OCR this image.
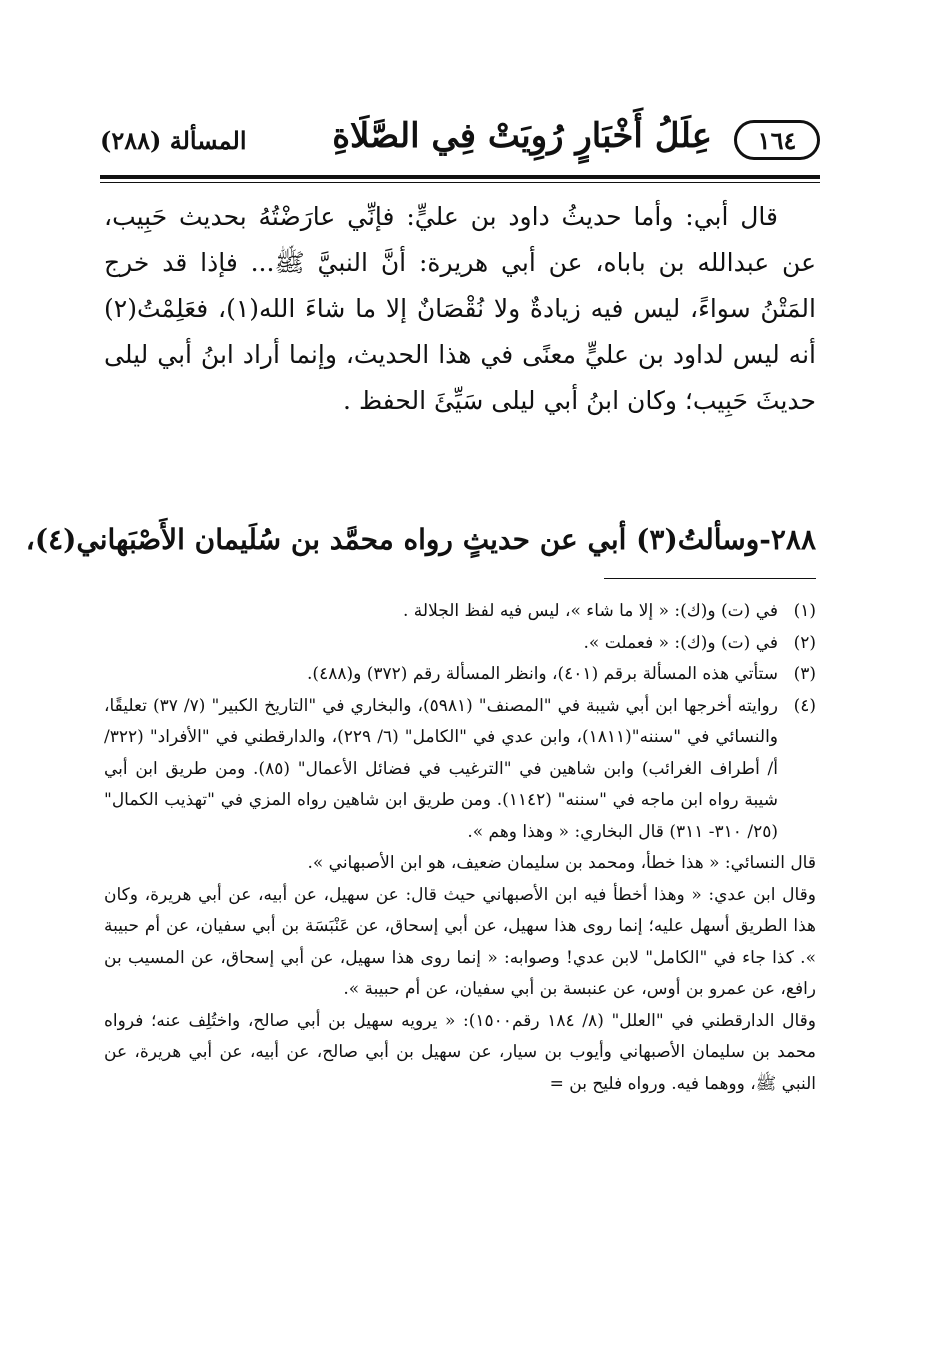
١٦٤
عِلَلُ أَخْبَارٍ رُوِيَتْ فِي الصَّلَاةِ
المسألة (٢٨٨)

قال أبي: وأما حديثُ داود بن عليٍّ: فإنِّي عارَضْتُهُ بحديث حَبِيب، عن عبدالله بن باباه، عن أبي هريرة: أنَّ النبيَّ ﷺ... فإذا قد خرج المَتْنُ سواءً، ليس فيه زيادةٌ ولا نُقْصَانٌ إلا ما شاءَ الله(١)، فعَلِمْتُ(٢) أنه ليس لداود بن عليٍّ معنًى في هذا الحديث، وإنما أراد ابنُ أبي ليلى حديثَ حَبِيب؛ وكان ابنُ أبي ليلى سَيِّئَ الحفظ .

٢٨٨-وسألتُ(٣) أبي عن حديثٍ رواه محمَّد بن سُلَيمان الأَصْبَهاني(٤)،
(١)
في (ت) و(ك): « إلا ما شاء »، ليس فيه لفظ الجلالة .
(٢)
في (ت) و(ك): « فعملت ».
(٣)
ستأتي هذه المسألة برقم (٤٠١)، وانظر المسألة رقم (٣٧٢) و(٤٨٨).
(٤)
روايته أخرجها ابن أبي شيبة في "المصنف" (٥٩٨١)، والبخاري في "التاريخ الكبير" (٧/ ٣٧) تعليقًا، والنسائي في "سننه"(١٨١١)، وابن عدي في "الكامل" (٦/ ٢٢٩)، والدارقطني في "الأفراد" (٣٢٢/أ/ أطراف الغرائب) وابن شاهين في "الترغيب في فضائل الأعمال" (٨٥). ومن طريق ابن أبي شيبة رواه ابن ماجه في "سننه" (١١٤٢). ومن طريق ابن شاهين رواه المزي في "تهذيب الكمال" (٢٥/ ٣١٠- ٣١١) قال البخاري: « وهذا وهم ».

قال النسائي: « هذا خطأ، ومحمد بن سليمان ضعيف، هو ابن الأصبهاني ».

وقال ابن عدي: « وهذا أخطأ فيه ابن الأصبهاني حيث قال: عن سهيل، عن أبيه، عن أبي هريرة، وكان هذا الطريق أسهل عليه؛ إنما روى هذا سهيل، عن أبي إسحاق، عن عَنْبَسَة بن أبي سفيان، عن أم حبيبة ». كذا جاء في "الكامل" لابن عدي! وصوابه: « إنما روى هذا سهيل، عن أبي إسحاق، عن المسيب بن رافع، عن عمرو بن أوس، عن عنبسة بن أبي سفيان، عن أم حبيبة ».

وقال الدارقطني في "العلل" (٨/ ١٨٤ رقم١٥٠٠): « يرويه سهيل بن أبي صالح، واختُلِف عنه؛ فرواه محمد بن سليمان الأصبهاني وأيوب بن سيار، عن سهيل بن أبي صالح، عن أبيه، عن أبي هريرة، عن النبي ﷺ، ووهما فيه. ورواه فليح بن =
